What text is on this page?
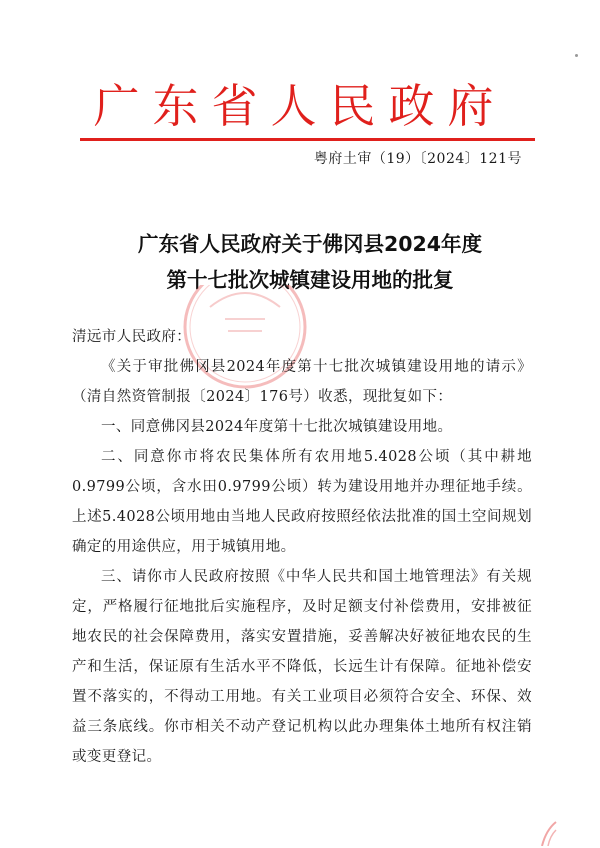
广东省人民政府
粤府土审（19）〔2024〕121号
广东省人民政府关于佛冈县2024年度
第十七批次城镇建设用地的批复

清远市人民政府：

《关于审批佛冈县2024年度第十七批次城镇建设用地的请示》（清自然资管制报〔2024〕176号）收悉，现批复如下：

一、同意佛冈县2024年度第十七批次城镇建设用地。

二、同意你市将农民集体所有农用地5.4028公顷（其中耕地0.9799公顷，含水田0.9799公顷）转为建设用地并办理征地手续。上述5.4028公顷用地由当地人民政府按照经依法批准的国土空间规划确定的用途供应，用于城镇用地。

三、请你市人民政府按照《中华人民共和国土地管理法》有关规定，严格履行征地批后实施程序，及时足额支付补偿费用，安排被征地农民的社会保障费用，落实安置措施，妥善解决好被征地农民的生产和生活，保证原有生活水平不降低，长远生计有保障。征地补偿安置不落实的，不得动工用地。有关工业项目必须符合安全、环保、效益三条底线。你市相关不动产登记机构以此办理集体土地所有权注销或变更登记。
